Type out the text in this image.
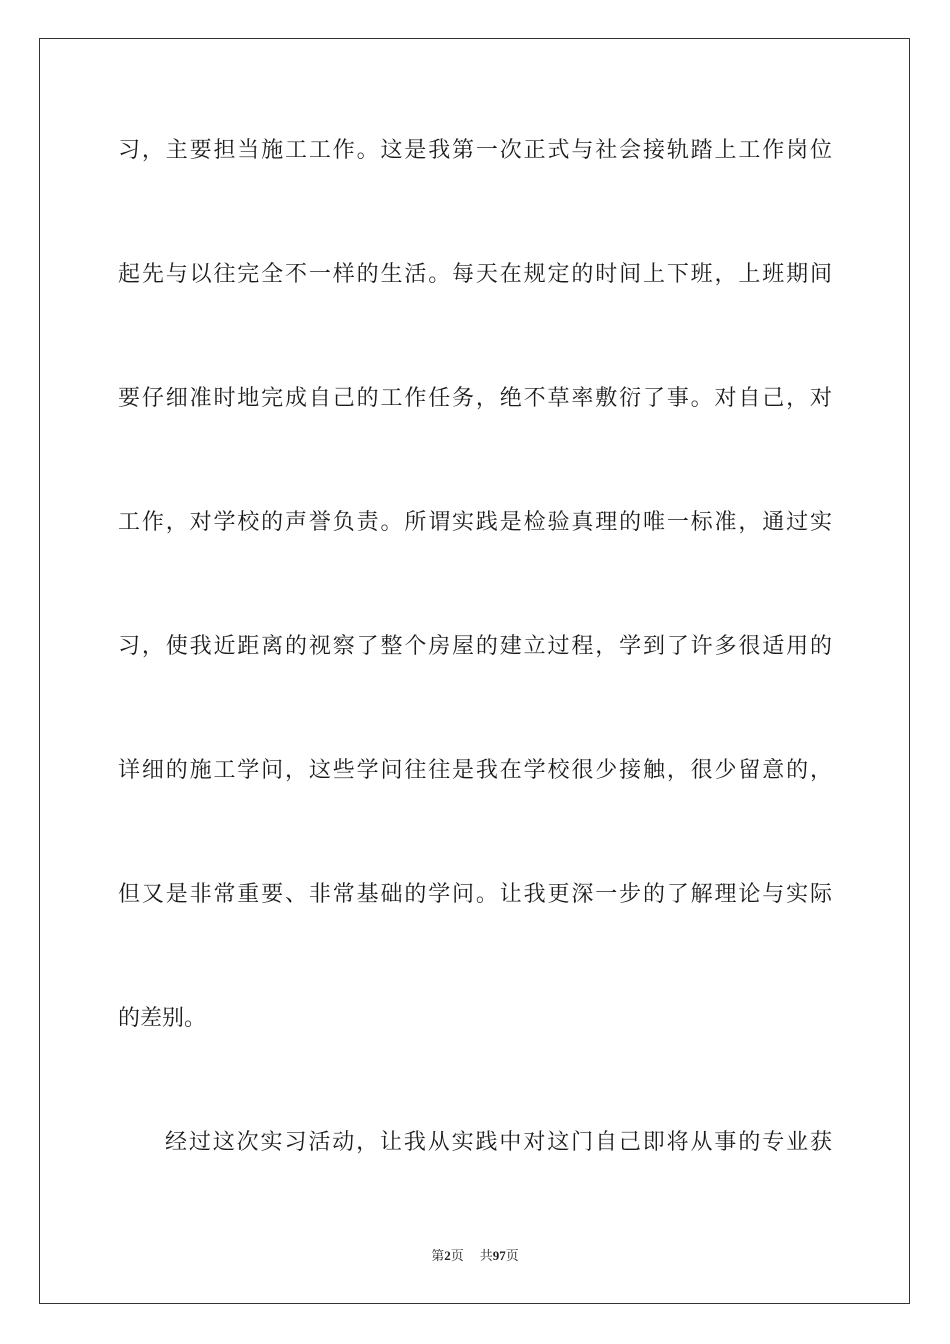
习，主要担当施工工作。这是我第一次正式与社会接轨踏上工作岗位
起先与以往完全不一样的生活。每天在规定的时间上下班，上班期间
要仔细准时地完成自己的工作任务，绝不草率敷衍了事。对自己，对
工作，对学校的声誉负责。所谓实践是检验真理的唯一标准，通过实
习，使我近距离的视察了整个房屋的建立过程，学到了许多很适用的
详细的施工学问，这些学问往往是我在学校很少接触，很少留意的，
但又是非常重要、非常基础的学问。让我更深一步的了解理论与实际
的差别。
经过这次实习活动，让我从实践中对这门自己即将从事的专业获
第2页 共97页
